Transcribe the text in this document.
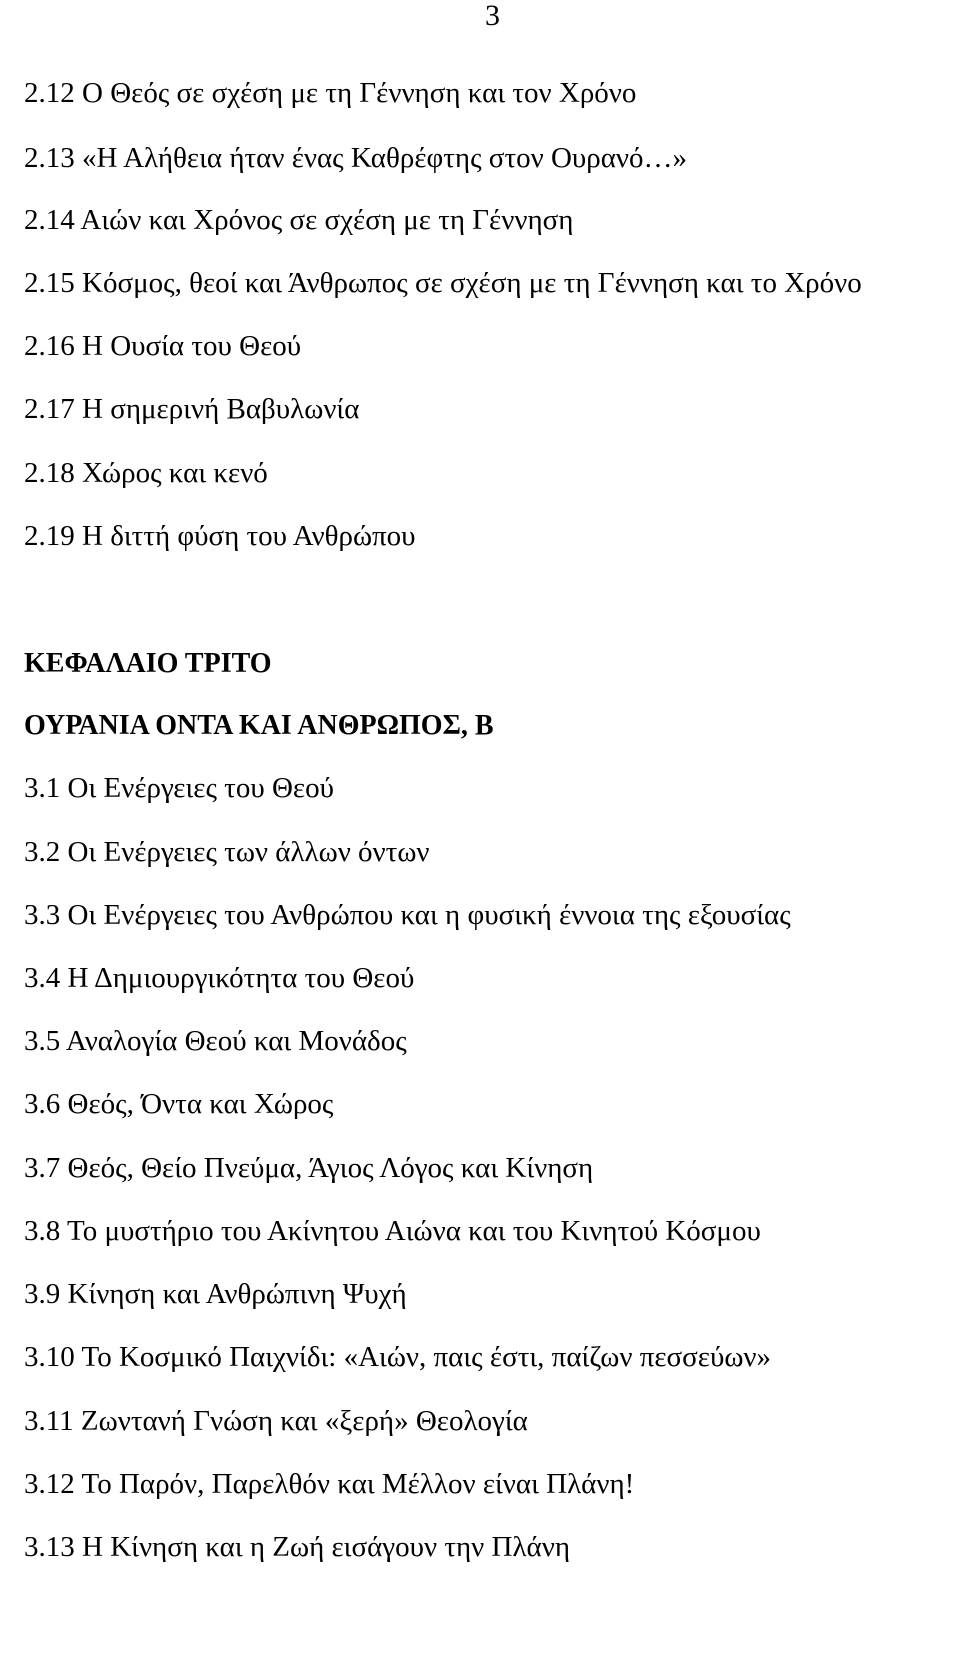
3
2.12 Ο Θεός σε σχέση με τη Γέννηση και τον Χρόνο
2.13 «Η Αλήθεια ήταν ένας Καθρέφτης στον Ουρανό…»
2.14 Αιών και Χρόνος σε σχέση με τη Γέννηση
2.15 Κόσμος, θεοί και Άνθρωπος σε σχέση με τη Γέννηση και το Χρόνο
2.16 Η Ουσία του Θεού
2.17 Η σημερινή Βαβυλωνία
2.18 Χώρος και κενό
2.19 Η διττή φύση του Ανθρώπου
ΚΕΦΑΛΑΙΟ ΤΡΙΤΟ
ΟΥΡΑΝΙΑ ΟΝΤΑ ΚΑΙ ΑΝΘΡΩΠΟΣ, Β
3.1 Οι Ενέργειες του Θεού
3.2 Οι Ενέργειες των άλλων όντων
3.3 Οι Ενέργειες του Ανθρώπου και η φυσική έννοια της εξουσίας
3.4 Η Δημιουργικότητα του Θεού
3.5 Αναλογία Θεού και Μονάδος
3.6 Θεός, Όντα και Χώρος
3.7 Θεός, Θείο Πνεύμα, Άγιος Λόγος και Κίνηση
3.8 Το μυστήριο του Ακίνητου Αιώνα και του Κινητού Κόσμου
3.9 Κίνηση και Ανθρώπινη Ψυχή
3.10 Το Κοσμικό Παιχνίδι: «Αιών, παις έστι, παίζων πεσσεύων»
3.11 Ζωντανή Γνώση και «ξερή» Θεολογία
3.12 Το Παρόν, Παρελθόν και Μέλλον είναι Πλάνη!
3.13 Η Κίνηση και η Ζωή εισάγουν την Πλάνη
